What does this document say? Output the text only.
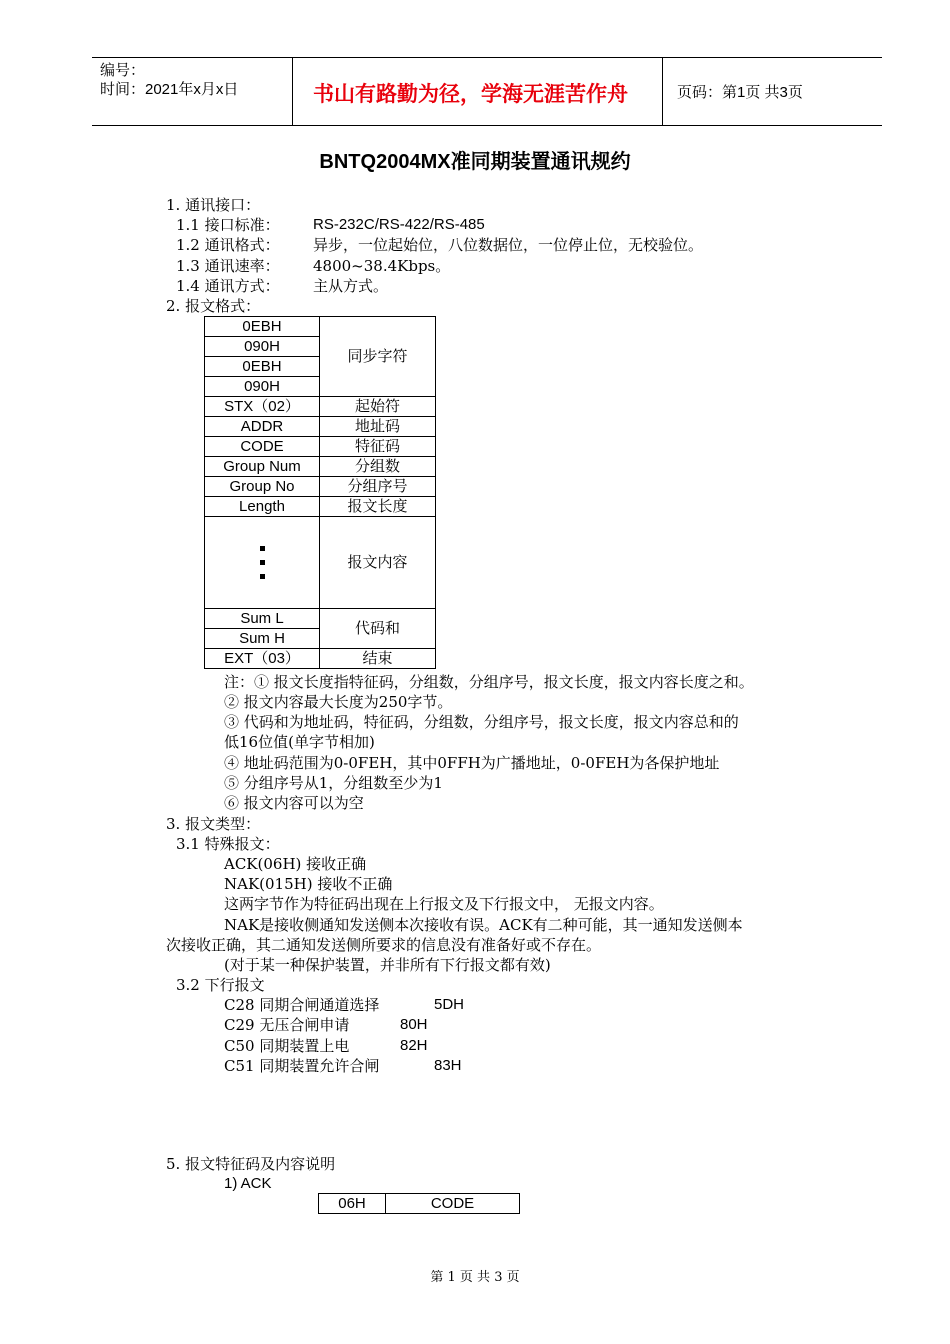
编号：
时间：2021年x月x日	书山有路勤为径，学海无涯苦作舟	页码：第1页 共3页
BNTQ2004MX准同期装置通讯规约
1. 通讯接口：
1.1 接口标准： RS-232C/RS-422/RS-485
1.2 通讯格式： 异步，一位起始位，八位数据位，一位停止位，无校验位。
1.3 通讯速率： 4800~38.4Kbps。
1.4 通讯方式： 主从方式。
2. 报文格式：
0EBH	同步字符
090H	
0EBH	
090H	
STX（02）	起始符
ADDR	地址码
CODE	特征码
Group Num	分组数
Group No	分组序号
Length	报文长度

	报文内容
Sum L	代码和
Sum H	
EXT（03）	结束
注：① 报文长度指特征码，分组数，分组序号，报文长度，报文内容长度之和。
② 报文内容最大长度为250字节。
③ 代码和为地址码，特征码，分组数，分组序号，报文长度，报文内容总和的
低16位值(单字节相加)
④ 地址码范围为0-0FEH，其中0FFH为广播地址，0-0FEH为各保护地址
⑤ 分组序号从1，分组数至少为1
⑥ 报文内容可以为空
3. 报文类型：
3.1 特殊报文：
ACK(06H) 接收正确
NAK(015H) 接收不正确
这两字节作为特征码出现在上行报文及下行报文中， 无报文内容。
NAK是接收侧通知发送侧本次接收有误。ACK有二种可能，其一通知发送侧本
次接收正确，其二通知发送侧所要求的信息没有准备好或不存在。
(对于某一种保护装置，并非所有下行报文都有效)
3.2 下行报文
C28 同期合闸通道选择	5DH
C29 无压合闸申请	80H
C50 同期装置上电	82H
C51 同期装置允许合闸	83H
5. 报文特征码及内容说明
1) ACK
06H	CODE
第 1 页 共 3 页
